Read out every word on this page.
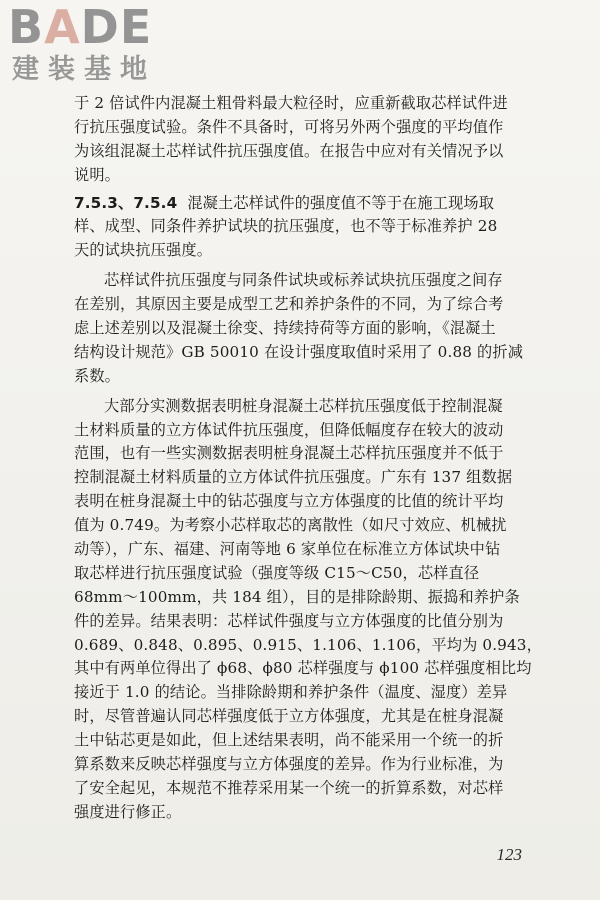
BADE
建装基地
于 2 倍试件内混凝土粗骨料最大粒径时，应重新截取芯样试件进
行抗压强度试验。条件不具备时，可将另外两个强度的平均值作
为该组混凝土芯样试件抗压强度值。在报告中应对有关情况予以
说明。
7.5.3、7.5.4 混凝土芯样试件的强度值不等于在施工现场取
样、成型、同条件养护试块的抗压强度，也不等于标准养护 28
天的试块抗压强度。
芯样试件抗压强度与同条件试块或标养试块抗压强度之间存
在差别，其原因主要是成型工艺和养护条件的不同，为了综合考
虑上述差别以及混凝土徐变、持续持荷等方面的影响，《混凝土
结构设计规范》GB 50010 在设计强度取值时采用了 0.88 的折减
系数。
大部分实测数据表明桩身混凝土芯样抗压强度低于控制混凝
土材料质量的立方体试件抗压强度，但降低幅度存在较大的波动
范围，也有一些实测数据表明桩身混凝土芯样抗压强度并不低于
控制混凝土材料质量的立方体试件抗压强度。广东有 137 组数据
表明在桩身混凝土中的钻芯强度与立方体强度的比值的统计平均
值为 0.749。为考察小芯样取芯的离散性（如尺寸效应、机械扰
动等），广东、福建、河南等地 6 家单位在标准立方体试块中钻
取芯样进行抗压强度试验（强度等级 C15～C50，芯样直径
68mm～100mm，共 184 组），目的是排除龄期、振捣和养护条
件的差异。结果表明：芯样试件强度与立方体强度的比值分别为
0.689、0.848、0.895、0.915、1.106、1.106，平均为 0.943，
其中有两单位得出了 ϕ68、ϕ80 芯样强度与 ϕ100 芯样强度相比均
接近于 1.0 的结论。当排除龄期和养护条件（温度、湿度）差异
时，尽管普遍认同芯样强度低于立方体强度，尤其是在桩身混凝
土中钻芯更是如此，但上述结果表明，尚不能采用一个统一的折
算系数来反映芯样强度与立方体强度的差异。作为行业标准，为
了安全起见，本规范不推荐采用某一个统一的折算系数，对芯样
强度进行修正。
123
